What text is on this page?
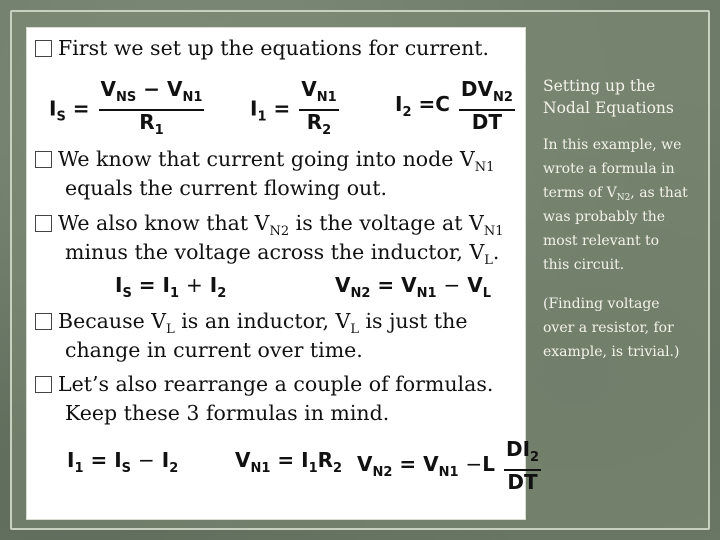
First we set up the equations for current.
$I_S = \frac{V_{NS} - V_{N1}}{R_1} I_1 = \frac{V_{N1}}{R_2}$	$I_2 =C \frac{DV_{N2}}{DT}$
We know that current going into node $V_{N1}$
equals the current flowing out.
We also know that $V_{N2}$ is the voltage at $V_{N1}$
minus the voltage across the inductor, $V_L$.
$I_S = I_1 + I_2$	$V_{N2} = V_{N1} - V_L$
Because $V_L$ is an inductor, $V_L$ is just the
change in current over time.
Let’s also rearrange a couple of formulas.
Keep these 3 formulas in mind.
$I_1 = I_S - I_2$	$V_{N1} = I_1R_2$ $V_{N2} = V_{N1} -L \frac{DI_2}{DT}$
Setting up the
Nodal Equations
In this example, we
wrote a formula in
terms of $V_{N2}$, as that
was probably the
most relevant to
this circuit.
(Finding voltage
over a resistor, for
example, is trivial.)
